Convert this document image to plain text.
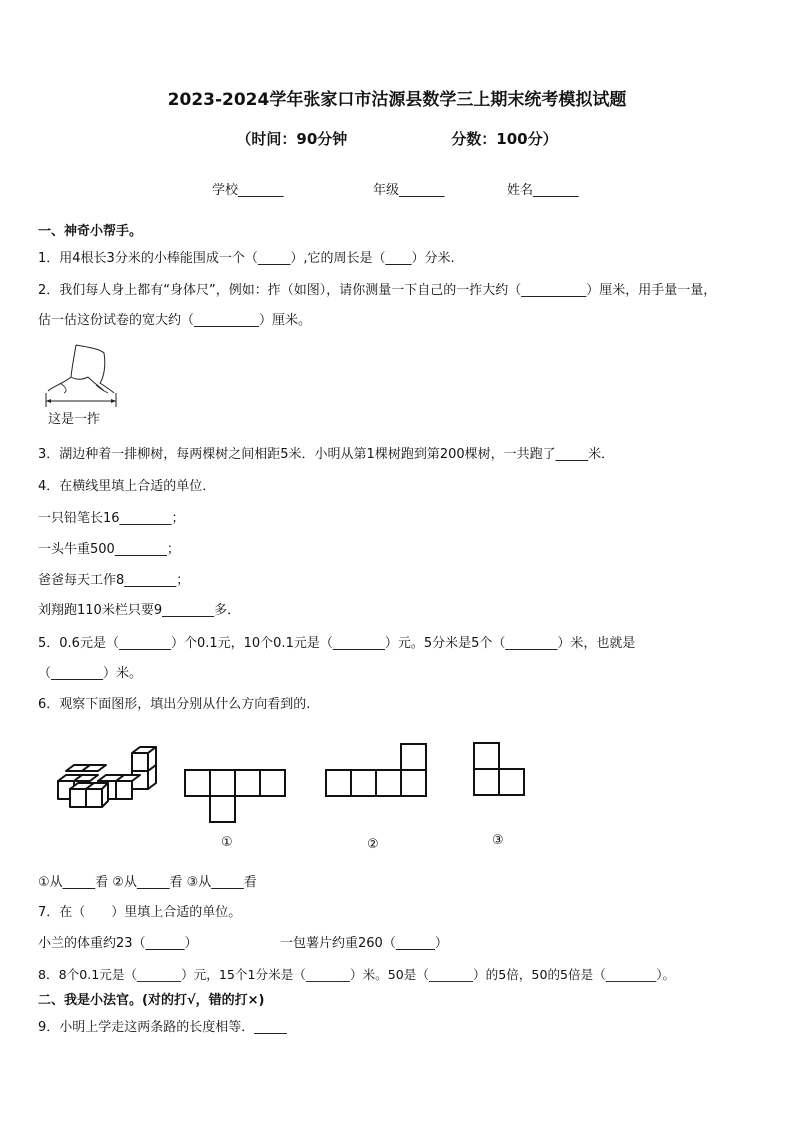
2023-2024学年张家口市沽源县数学三上期末统考模拟试题
（时间：90分钟	分数：100分）
学校_______	年级_______	姓名_______
一、神奇小帮手。
1．用4根长3分米的小棒能围成一个（_____）,它的周长是（____）分米.
2．我们每人身上都有“身体尺”，例如：拃（如图），请你测量一下自己的一拃大约（__________）厘米，用手量一量，
估一估这份试卷的宽大约（__________）厘米。
这是一拃
3．湖边种着一排柳树，每两棵树之间相距5米．小明从第1棵树跑到第200棵树，一共跑了_____米．
4．在横线里填上合适的单位．
一只铅笔长16________；
一头牛重500________；
爸爸每天工作8________；
刘翔跑110米栏只要9________多．
5．0.6元是（________）个0.1元，10个0.1元是（________）元。5分米是5个（________）米，也就是
（________）米。
6．观察下面图形，填出分别从什么方向看到的.
①	②	③
①从_____看 ②从_____看 ③从_____看
7．在（　　）里填上合适的单位。
小兰的体重约23（______）	一包薯片约重260（______）
8．8个0.1元是（_______）元，15个1分米是（_______）米。50是（_______）的5倍，50的5倍是（________）。
二、我是小法官。(对的打√，错的打×)
9．小明上学走这两条路的长度相等．_____
